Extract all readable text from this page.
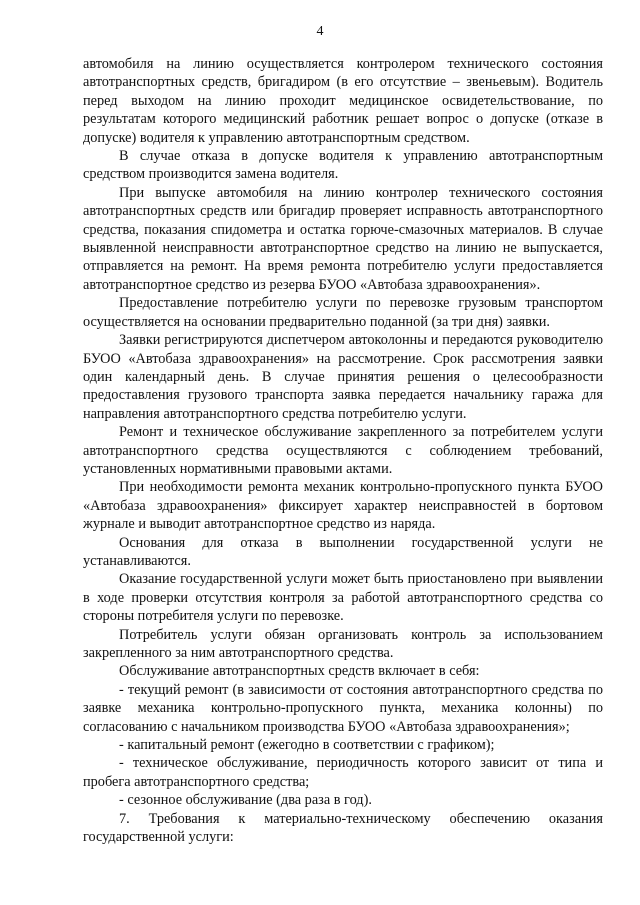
4

автомобиля на линию осуществляется контролером технического состояния автотранспортных средств, бригадиром (в его отсутствие – звеньевым). Водитель перед выходом на линию проходит медицинское освидетельствование, по результатам которого медицинский работник решает вопрос о допуске (отказе в допуске) водителя к управлению автотранспортным средством.

В случае отказа в допуске водителя к управлению автотранспортным средством производится замена водителя.

При выпуске автомобиля на линию контролер технического состояния автотранспортных средств или бригадир проверяет исправность автотранспортного средства, показания спидометра и остатка горюче-смазочных материалов. В случае выявленной неисправности автотранспортное средство на линию не выпускается, отправляется на ремонт. На время ремонта потребителю услуги предоставляется автотранспортное средство из резерва БУОО «Автобаза здравоохранения».

Предоставление потребителю услуги по перевозке грузовым транспортом осуществляется на основании предварительно поданной (за три дня) заявки.

Заявки регистрируются диспетчером автоколонны и передаются руководителю БУОО «Автобаза здравоохранения» на рассмотрение. Срок рассмотрения заявки один календарный день. В случае принятия решения о целесообразности предоставления грузового транспорта заявка передается начальнику гаража для направления автотранспортного средства потребителю услуги.

Ремонт и техническое обслуживание закрепленного за потребителем услуги автотранспортного средства осуществляются с соблюдением требований, установленных нормативными правовыми актами.

При необходимости ремонта механик контрольно-пропускного пункта БУОО «Автобаза здравоохранения» фиксирует характер неисправностей в бортовом журнале и выводит автотранспортное средство из наряда.

Основания для отказа в выполнении государственной услуги не устанавливаются.

Оказание государственной услуги может быть приостановлено при выявлении в ходе проверки отсутствия контроля за работой автотранспортного средства со стороны потребителя услуги по перевозке.

Потребитель услуги обязан организовать контроль за использованием закрепленного за ним автотранспортного средства.

Обслуживание автотранспортных средств включает в себя:

- текущий ремонт (в зависимости от состояния автотранспортного средства по заявке механика контрольно-пропускного пункта, механика колонны) по согласованию с начальником производства БУОО «Автобаза здравоохранения»;

- капитальный ремонт (ежегодно в соответствии с графиком);

- техническое обслуживание, периодичность которого зависит от типа и пробега автотранспортного средства;

- сезонное обслуживание (два раза в год).

7. Требования к материально-техническому обеспечению оказания государственной услуги:
